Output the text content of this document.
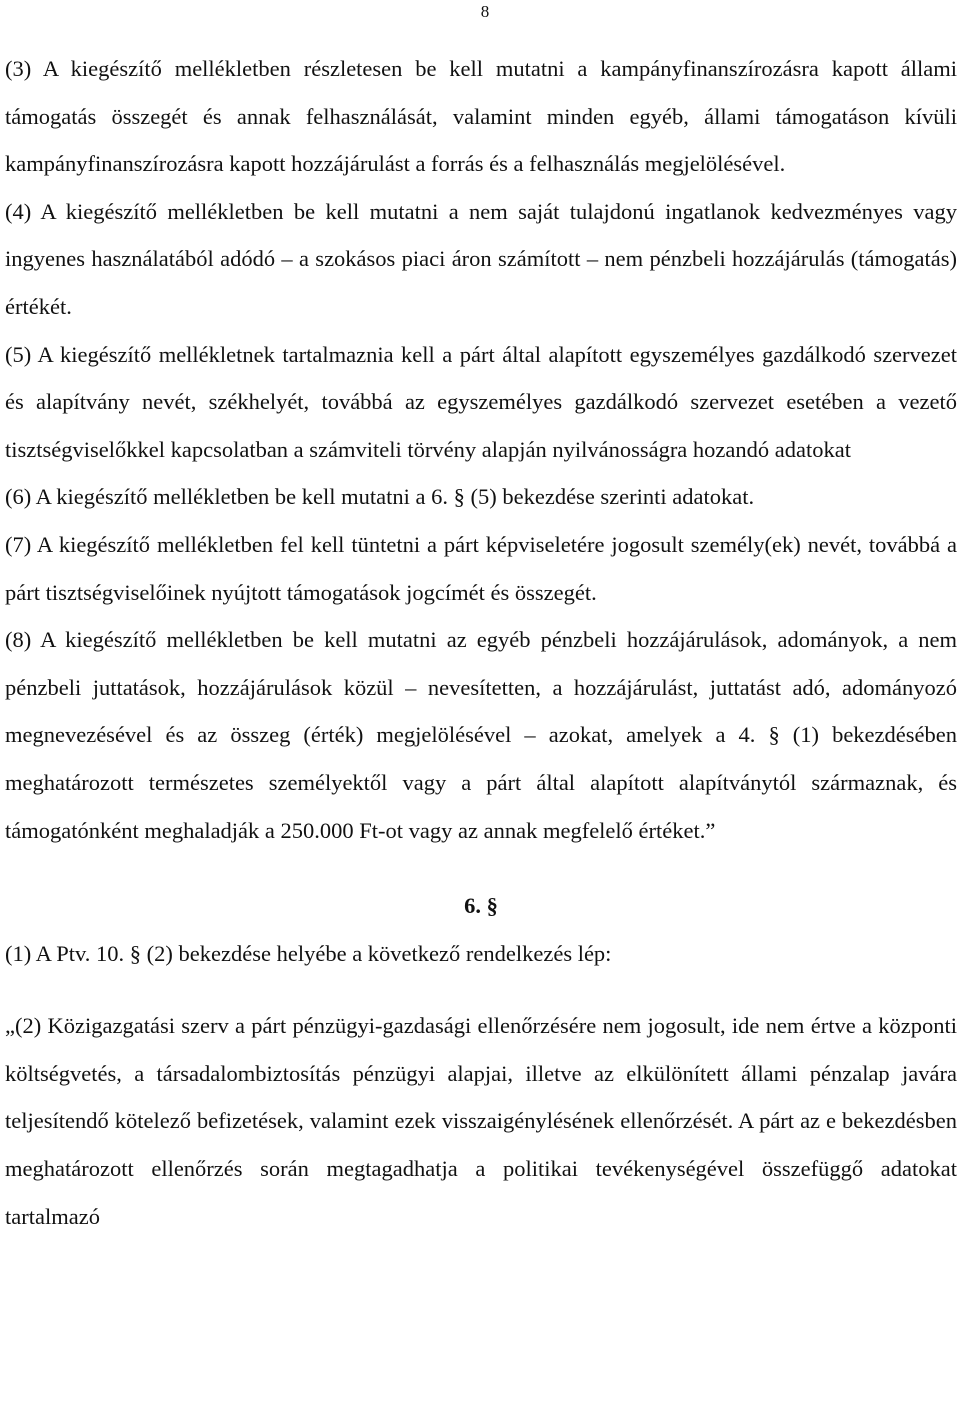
8

(3) A kiegészítő mellékletben részletesen be kell mutatni a kampányfinanszírozásra kapott állami támogatás összegét és annak felhasználását, valamint minden egyéb, állami támogatáson kívüli kampányfinanszírozásra kapott hozzájárulást a forrás és a felhasználás megjelölésével.

(4) A kiegészítő mellékletben be kell mutatni a nem saját tulajdonú ingatlanok kedvezményes vagy ingyenes használatából adódó – a szokásos piaci áron számított – nem pénzbeli hozzájárulás (támogatás) értékét.

(5) A kiegészítő mellékletnek tartalmaznia kell a párt által alapított egyszemélyes gazdálkodó szervezet és alapítvány nevét, székhelyét, továbbá az egyszemélyes gazdálkodó szervezet esetében a vezető tisztségviselőkkel kapcsolatban a számviteli törvény alapján nyilvánosságra hozandó adatokat

(6) A kiegészítő mellékletben be kell mutatni a 6. § (5) bekezdése szerinti adatokat.

(7) A kiegészítő mellékletben fel kell tüntetni a párt képviseletére jogosult személy(ek) nevét, továbbá a párt tisztségviselőinek nyújtott támogatások jogcímét és összegét.

(8) A kiegészítő mellékletben be kell mutatni az egyéb pénzbeli hozzájárulások, adományok, a nem pénzbeli juttatások, hozzájárulások közül – nevesítetten, a hozzájárulást, juttatást adó, adományozó megnevezésével és az összeg (érték) megjelölésével – azokat, amelyek a 4. § (1) bekezdésében meghatározott természetes személyektől vagy a párt által alapított alapítványtól származnak, és támogatónként meghaladják a 250.000 Ft-ot vagy az annak megfelelő értéket.”

6. §

(1) A Ptv. 10. § (2) bekezdése helyébe a következő rendelkezés lép:

„(2) Közigazgatási szerv a párt pénzügyi-gazdasági ellenőrzésére nem jogosult, ide nem értve a központi költségvetés, a társadalombiztosítás pénzügyi alapjai, illetve az elkülönített állami pénzalap javára teljesítendő kötelező befizetések, valamint ezek visszaigénylésének ellenőrzését. A párt az e bekezdésben meghatározott ellenőrzés során megtagadhatja a politikai tevékenységével összefüggő adatokat tartalmazó
